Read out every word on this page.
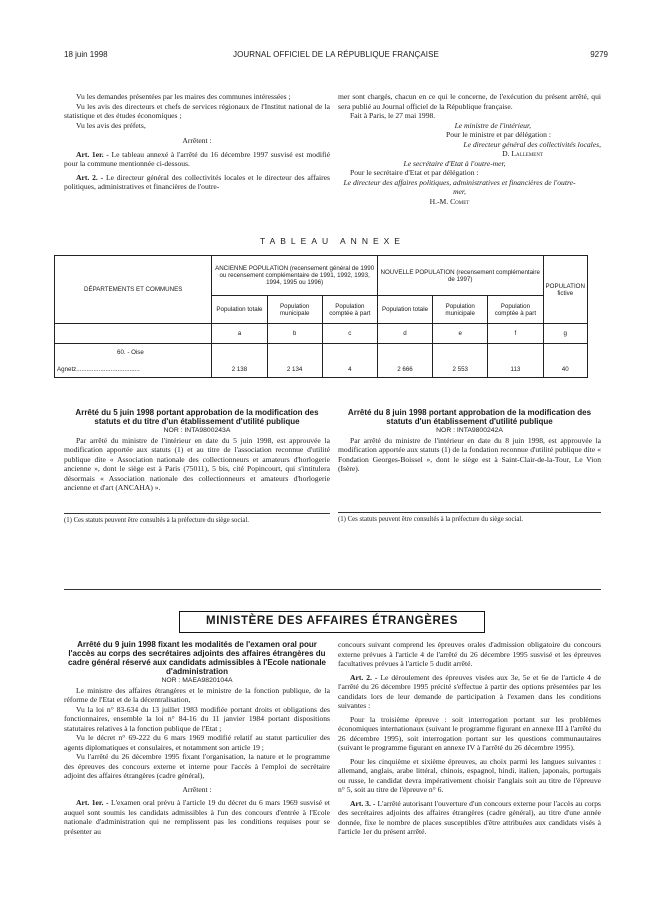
18 juin 1998	JOURNAL OFFICIEL DE LA RÉPUBLIQUE FRANÇAISE	9279

Vu les demandes présentées par les maires des communes intéressées ;

Vu les avis des directeurs et chefs de services régionaux de l'Institut national de la statistique et des études économiques ;

Vu les avis des préfets,

Arrêtent :

Art. 1er. - Le tableau annexé à l'arrêté du 16 décembre 1997 susvisé est modifié pour la commune mentionnée ci-dessous.

Art. 2. - Le directeur général des collectivités locales et le directeur des affaires politiques, administratives et financières de l'outre-

mer sont chargés, chacun en ce qui le concerne, de l'exécution du présent arrêté, qui sera publié au Journal officiel de la République française.

Fait à Paris, le 27 mai 1998.

Le ministre de l'intérieur,

Pour le ministre et par délégation :

Le directeur général des collectivités locales,

D. Lallement

Le secrétaire d'Etat à l'outre-mer,

Pour le secrétaire d'Etat et par délégation :

Le directeur des affaires politiques, administratives et financières de l'outre-mer,

H.-M. Comet

TABLEAU ANNEXE
DÉPARTEMENTS ET COMMUNES	ANCIENNE POPULATION (recensement général de 1990 ou recensement complémentaire de 1991, 1992, 1993, 1994, 1995 ou 1996)			NOUVELLE POPULATION (recensement complémentaire de 1997)			POPULATION fictive
	Population totale	Population municipale	Population comptée à part	Population totale	Population municipale	Population comptée à part	
	a	b	c	d	e	f	g
60. - Oise							
Agnetz.....................................	2 138	2 134	4	2 666	2 553	113	40

Arrêté du 5 juin 1998 portant approbation de la modification des statuts et du titre d'un établissement d'utilité publique

NOR : INTA9800243A

Par arrêté du ministre de l'intérieur en date du 5 juin 1998, est approuvée la modification apportée aux statuts (1) et au titre de l'association reconnue d'utilité publique dite « Association nationale des collectionneurs et amateurs d'horlogerie ancienne », dont le siège est à Paris (75011), 5 bis, cité Popincourt, qui s'intitulera désormais « Association nationale des collectionneurs et amateurs d'horlogerie ancienne et d'art (ANCAHA) ».

(1) Ces statuts peuvent être consultés à la préfecture du siège social.

Arrêté du 8 juin 1998 portant approbation de la modification des statuts d'un établissement d'utilité publique

NOR : INTA9800242A

Par arrêté du ministre de l'intérieur en date du 8 juin 1998, est approuvée la modification apportée aux statuts (1) de la fondation reconnue d'utilité publique dite « Fondation Georges-Boissel », dont le siège est à Saint-Clair-de-la-Tour, Le Vion (Isère).

(1) Ces statuts peuvent être consultés à la préfecture du siège social.

MINISTÈRE DES AFFAIRES ÉTRANGÈRES

Arrêté du 9 juin 1998 fixant les modalités de l'examen oral pour l'accès au corps des secrétaires adjoints des affaires étrangères du cadre général réservé aux candidats admissibles à l'Ecole nationale d'administration

NOR : MAEA9820104A

Le ministre des affaires étrangères et le ministre de la fonction publique, de la réforme de l'Etat et de la décentralisation,

Vu la loi n° 83-634 du 13 juillet 1983 modifiée portant droits et obligations des fonctionnaires, ensemble la loi n° 84-16 du 11 janvier 1984 portant dispositions statutaires relatives à la fonction publique de l'Etat ;

Vu le décret n° 69-222 du 6 mars 1969 modifié relatif au statut particulier des agents diplomatiques et consulaires, et notamment son article 19 ;

Vu l'arrêté du 26 décembre 1995 fixant l'organisation, la nature et le programme des épreuves des concours externe et interne pour l'accès à l'emploi de secrétaire adjoint des affaires étrangères (cadre général),

Arrêtent :

Art. 1er. - L'examen oral prévu à l'article 19 du décret du 6 mars 1969 susvisé et auquel sont soumis les candidats admissibles à l'un des concours d'entrée à l'Ecole nationale d'administration qui ne remplissent pas les conditions requises pour se présenter au

concours suivant comprend les épreuves orales d'admission obligatoire du concours externe prévues à l'article 4 de l'arrêté du 26 décembre 1995 susvisé et les épreuves facultatives prévues à l'article 5 dudit arrêté.

Art. 2. - Le déroulement des épreuves visées aux 3e, 5e et 6e de l'article 4 de l'arrêté du 26 décembre 1995 précité s'effectue à partir des options présentées par les candidats lors de leur demande de participation à l'examen dans les conditions suivantes :

Pour la troisième épreuve : soit interrogation portant sur les problèmes économiques internationaux (suivant le programme figurant en annexe III à l'arrêté du 26 décembre 1995), soit interrogation portant sur les questions communautaires (suivant le programme figurant en annexe IV à l'arrêté du 26 décembre 1995).

Pour les cinquième et sixième épreuves, au choix parmi les langues suivantes : allemand, anglais, arabe littéral, chinois, espagnol, hindi, italien, japonais, portugais ou russe, le candidat devra impérativement choisir l'anglais soit au titre de l'épreuve n° 5, soit au titre de l'épreuve n° 6.

Art. 3. - L'arrêté autorisant l'ouverture d'un concours externe pour l'accès au corps des secrétaires adjoints des affaires étrangères (cadre général), au titre d'une année donnée, fixe le nombre de places susceptibles d'être attribuées aux candidats visés à l'article 1er du présent arrêté.
